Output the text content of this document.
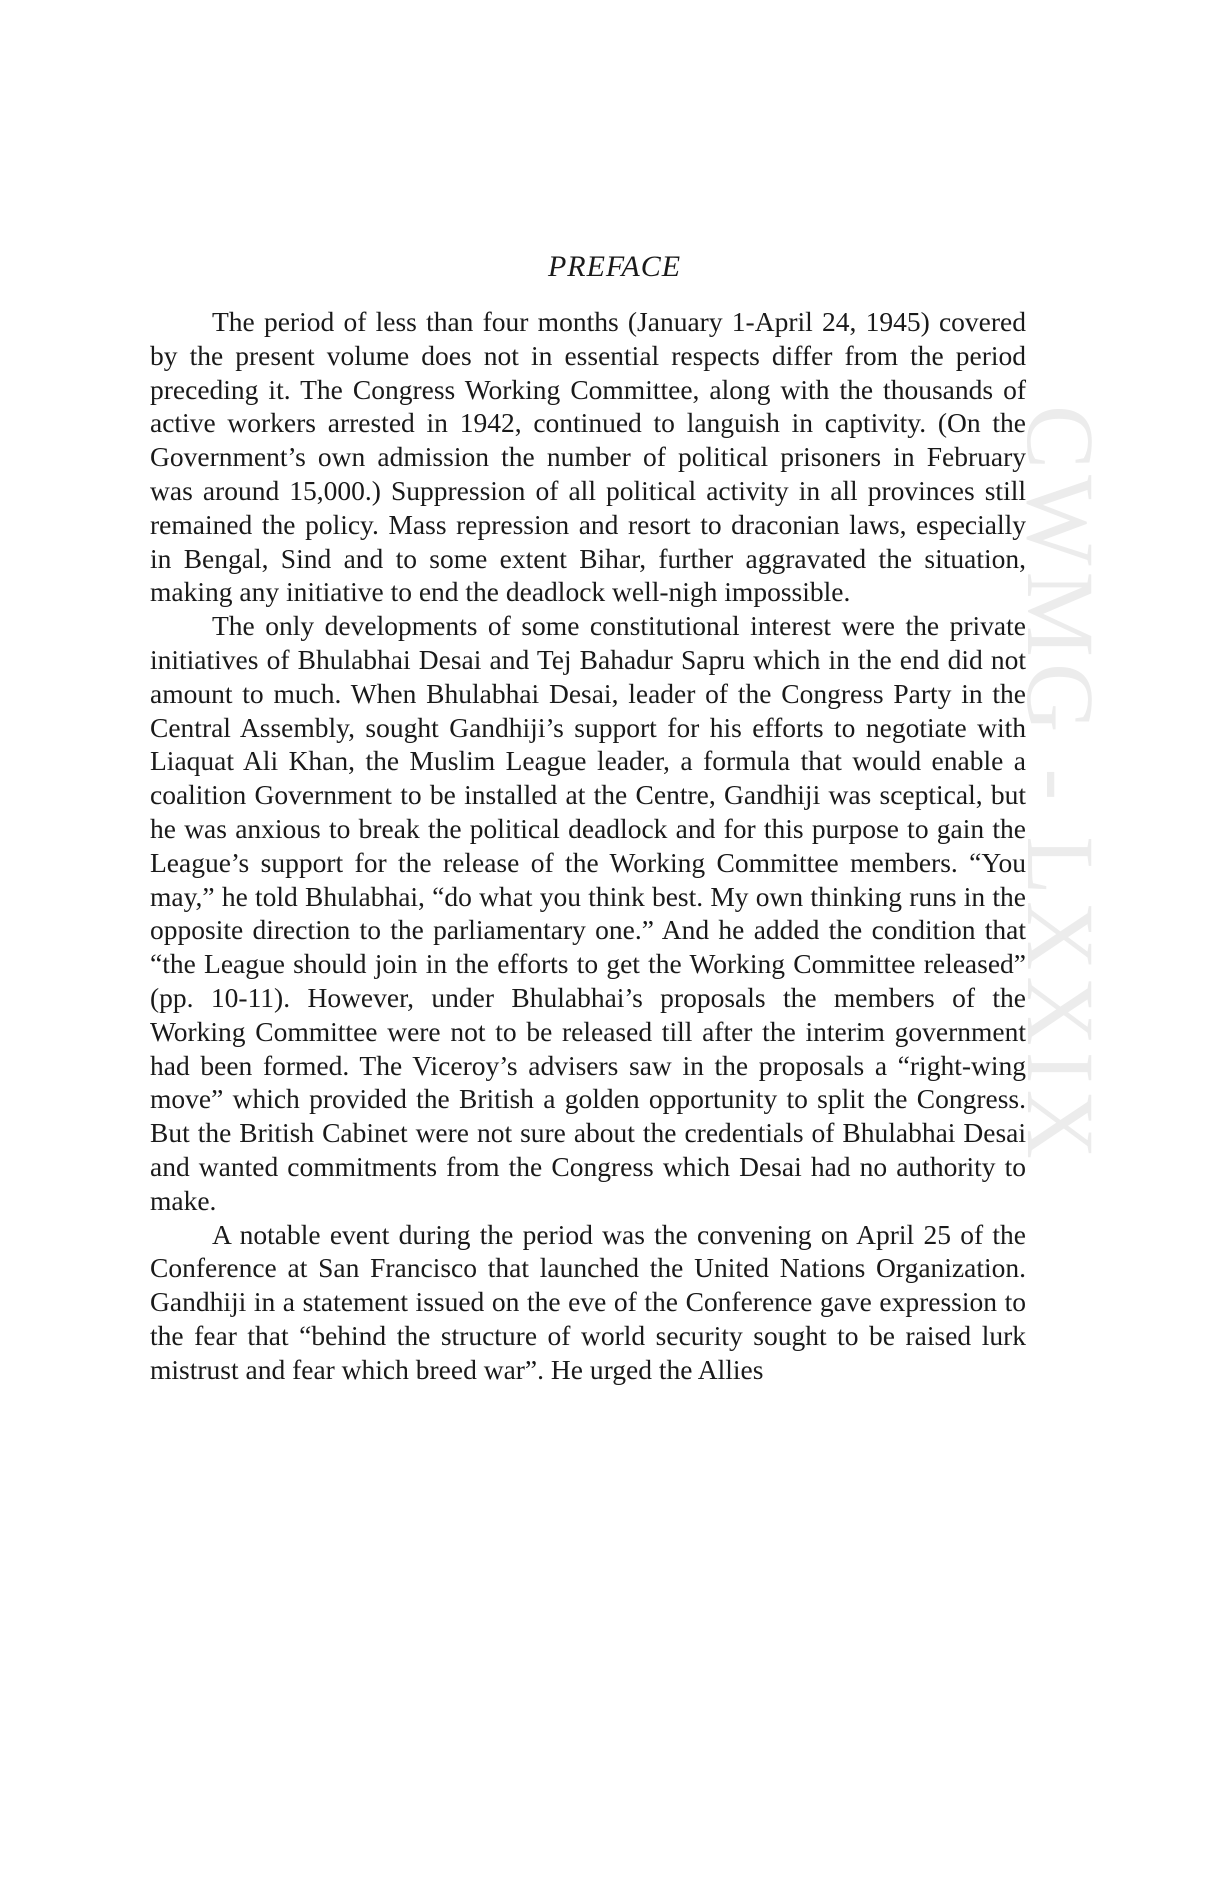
CWMG - LXXIX
PREFACE

The period of less than four months (January 1-April 24, 1945) covered by the present volume does not in essential respects differ from the period preceding it. The Congress Working Committee, along with the thousands of active workers arrested in 1942, continued to languish in captivity. (On the Government’s own admission the number of political prisoners in February was around 15,000.) Suppression of all political activity in all provinces still remained the policy. Mass repression and resort to draconian laws, especially in Bengal, Sind and to some extent Bihar, further aggravated the situation, making any initiative to end the deadlock well-nigh impossible.

The only developments of some constitutional interest were the private initiatives of Bhulabhai Desai and Tej Bahadur Sapru which in the end did not amount to much. When Bhulabhai Desai, leader of the Congress Party in the Central Assembly, sought Gandhiji’s support for his efforts to negotiate with Liaquat Ali Khan, the Muslim League leader, a formula that would enable a coalition Government to be installed at the Centre, Gandhiji was sceptical, but he was anxious to break the political deadlock and for this purpose to gain the League’s support for the release of the Working Committee members. “You may,” he told Bhulabhai, “do what you think best. My own thinking runs in the opposite direction to the parliamentary one.” And he added the condition that “the League should join in the efforts to get the Working Committee released” (pp. 10-11). However, under Bhulabhai’s proposals the members of the Working Committee were not to be released till after the interim government had been formed. The Viceroy’s advisers saw in the proposals a “right-wing move” which provided the British a golden opportunity to split the Congress. But the British Cabinet were not sure about the credentials of Bhulabhai Desai and wanted commitments from the Congress which Desai had no authority to make.

A notable event during the period was the convening on April 25 of the Conference at San Francisco that launched the United Nations Organization. Gandhiji in a statement issued on the eve of the Conference gave expression to the fear that “behind the structure of world security sought to be raised lurk mistrust and fear which breed war”. He urged the Allies
